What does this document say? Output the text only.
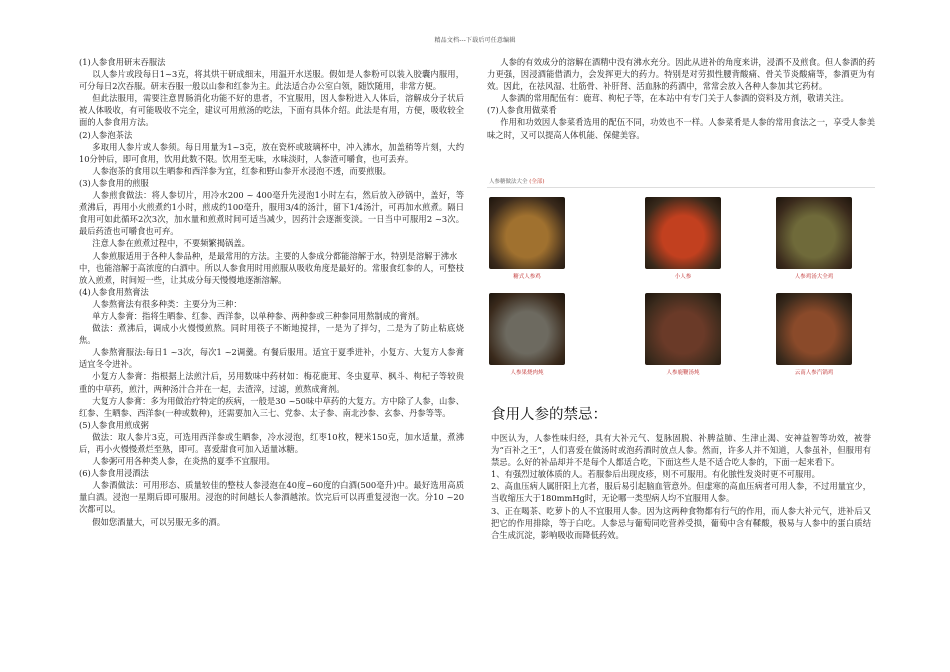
精品文档---下载后可任意编辑

(1)人参食用研末吞服法

以人参片或段每日1~3克，将其烘干研成细末，用温开水送服。假如是人参粉可以装入胶囊内服用，可分每日2次吞服。研末吞服一般以山参和红参为主。此法适合办公室白领，随饮随用，非常方便。

但此法服用，需要注意胃肠消化功能不好的患者，不宜服用，因人参粉进入人体后，溶解成分子状后被人体吸收，有可能吸收不完全，建议可用煎汤的吃法，下面有具体介绍。此法是有用，方便，吸收较全面的人参食用方法。

(2)人参泡茶法

多取用人参片或人参须。每日用量为1~3克，放在瓷杯或玻璃杯中，冲入沸水，加盖稍等片刻，大约10分钟后，即可食用，饮用此数不限。饮用至无味，水味淡时，人参渣可嚼食，也可丢弃。

人参泡茶的食用以生晒参和西洋参为宜，红参和野山参开水浸泡不透，而要煎服。

(3)人参食用的煎服

人参煎食做法：将人参切片，用冷水200 ~ 400毫升先浸泡1小时左右，然后放入砂锅中，盖好，等煮沸后，再用小火煎煮约1小时，煎成约100毫升，服用3/4的汤汁，留下1/4汤汁，可再加水煎煮。隔日食用可如此循环2次3次，加水量和煎煮时间可适当减少，因药汁会逐渐变淡。一日当中可服用2 ~3次。最后药渣也可嚼食也可弃。

注意人参在煎煮过程中，不要频繁揭锅盖。

人参煎服适用于各种人参品种，是最常用的方法。主要的人参成分都能溶解于水，特别是溶解于沸水

中，也能溶解于高浓度的白酒中。所以人参食用时用煎服从吸收角度是最好的。常服食红参的人，可整枝放入煎煮，时间短一些，让其成分每天慢慢地逐渐溶解。

(4)人参食用熬膏法

人参熬膏法有很多种类：主要分为三种：

单方人参膏：指将生晒参、红参、西洋参，以单种参、两种参或三种参同用熬制成的膏剂。

做法：煮沸后，调成小火慢慢煎熬。同时用筷子不断地搅拌，一是为了拌匀，二是为了防止粘底烧焦。

人参熬膏服法:每日1 ~3次，每次1 ~2调羹。有餐后服用。适宜于夏季进补，小复方、大复方人参膏适宜冬令进补。

小复方人参膏：指根据上法煎汁后，另用数味中药材如：梅花鹿茸、冬虫夏草、枫斗、枸杞子等较贵重的中草药，煎汁，两种汤汁合并在一起，去渣滓，过滤，煎熬成膏剂。

大复方人参膏：多为用做治疗特定的疾病，一般是30 ~50味中草药的大复方。方中除了人参，山参、红参、生晒参、西洋参(一种或数种)，还需要加入三七、党参、太子参、南北沙参、玄参、丹参等等。

(5)人参食用煎成粥

做法：取人参片3克，可选用西洋参或生晒参，冷水浸泡，红枣10枚，粳米150克，加水适量，煮沸后，再小火慢慢煮烂至熟，即可。喜爱甜食可加入适量冰糖。

人参粥可用各种类人参，在炎热的夏季不宜服用。

(6)人参食用浸酒法

人参酒做法：可用形态、质量较佳的整枝人参浸泡在40度~60度的白酒(500毫升)中。最好选用高质量白酒。浸泡一星期后即可服用。浸泡的时间越长人参酒越浓。饮完后可以再重复浸泡一次。分10 ~20次都可以。

假如您酒量大，可以另服无多的酒。

人参的有效成分的溶解在酒精中没有沸水充分。因此从进补的角度来讲，浸酒不及煎食。但人参酒的药力更强，因浸酒能借酒力，会发挥更大的药力。特别是对劳损性腰背酸痛、骨关节炎酸痛等，参酒更为有效。因此，在祛风湿、壮筋骨、补肝肾、活血脉的药酒中，常常会放入各种人参加其它药材。

人参酒的常用配伍有：鹿茸、枸杞子等，在本站中有专门关于人参酒的资料及方剂，敬请关注。

(7)人参食用做菜肴

作用和功效因人参菜肴选用的配伍不同，功效也不一样。人参菜肴是人参的常用食法之一，享受人参美味之时，又可以提高人体机能、保健美容。

人参糖做法大全 (全部)
糖式人参鸡	小人参	人参鸡汤大全鸡
人参果烧肉炖	人参鹿鞭汤炖	云南人参汽锅鸡
食用人参的禁忌：

中医认为，人参性味归经，具有大补元气、复脉固脱、补脾益肺、生津止渴、安神益智等功效，被誉为“百补之王”，人们喜爱在做汤时或泡药酒时放点人参。然而，许多人并不知道，人参虽补，但服用有禁忌。么好的补品却并不是每个人都适合吃，下面这些人是不适合吃人参的，下面一起来看下。

1、有强烈过敏体质的人。若服参后出现皮疹，则不可服用。有化脓性发炎时更不可服用。

2、高血压病人属肝阳上亢者，服后易引起脑血管意外。但虚寒的高血压病者可用人参，不过用量宜少，当收缩压大于180mmHg时，无论哪一类型病人均不宜服用人参。

3、正在喝茶、吃萝卜的人不宜服用人参。因为这两种食物都有行气的作用，而人参大补元气，进补后又把它的作用排除，等于白吃。人参忌与葡萄同吃营养受损，葡萄中含有鞣酸，极易与人参中的蛋白质结合生成沉淀，影响吸收而降低药效。
